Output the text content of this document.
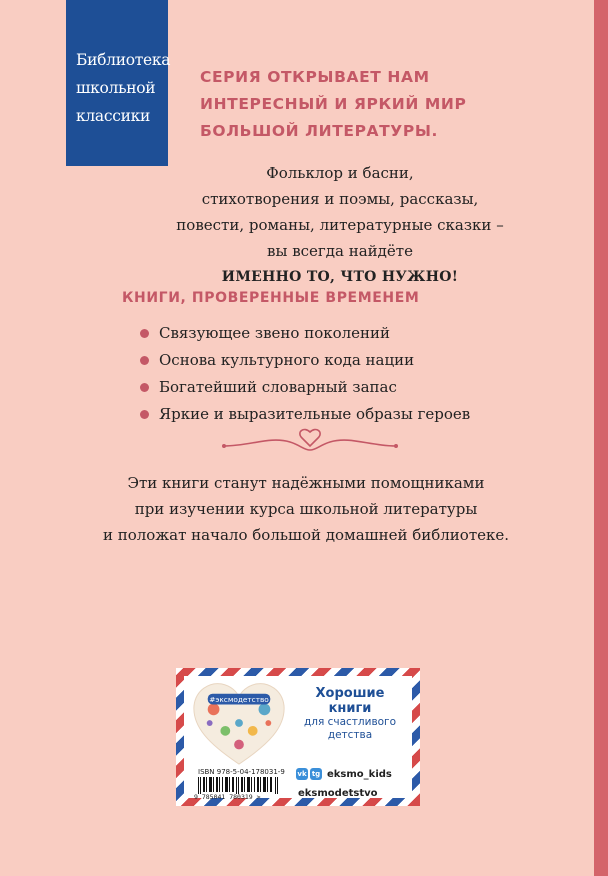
Библиотека
школьной
классики
СЕРИЯ ОТКРЫВАЕТ НАМ
ИНТЕРЕСНЫЙ И ЯРКИЙ МИР
БОЛЬШОЙ ЛИТЕРАТУРЫ.
Фольклор и басни,
стихотворения и поэмы, рассказы,
повести, романы, литературные сказки –
вы всегда найдёте
ИМЕННО ТО, ЧТО НУЖНО!
КНИГИ, ПРОВЕРЕННЫЕ ВРЕМЕНЕМ
Связующее звено поколений
Основа культурного кода нации
Богатейший словарный запас
Яркие и выразительные образы героев
Эти книги станут надёжными помощниками
при изучении курса школьной литературы
и положат начало большой домашней библиотеке.
#эксмодетство	Хорошие
книги
для счастливого
детства
ISBN 978-5-04-178031-9
9 785041 780319 >
vk tg eksmo_kids
eksmodetstvo
